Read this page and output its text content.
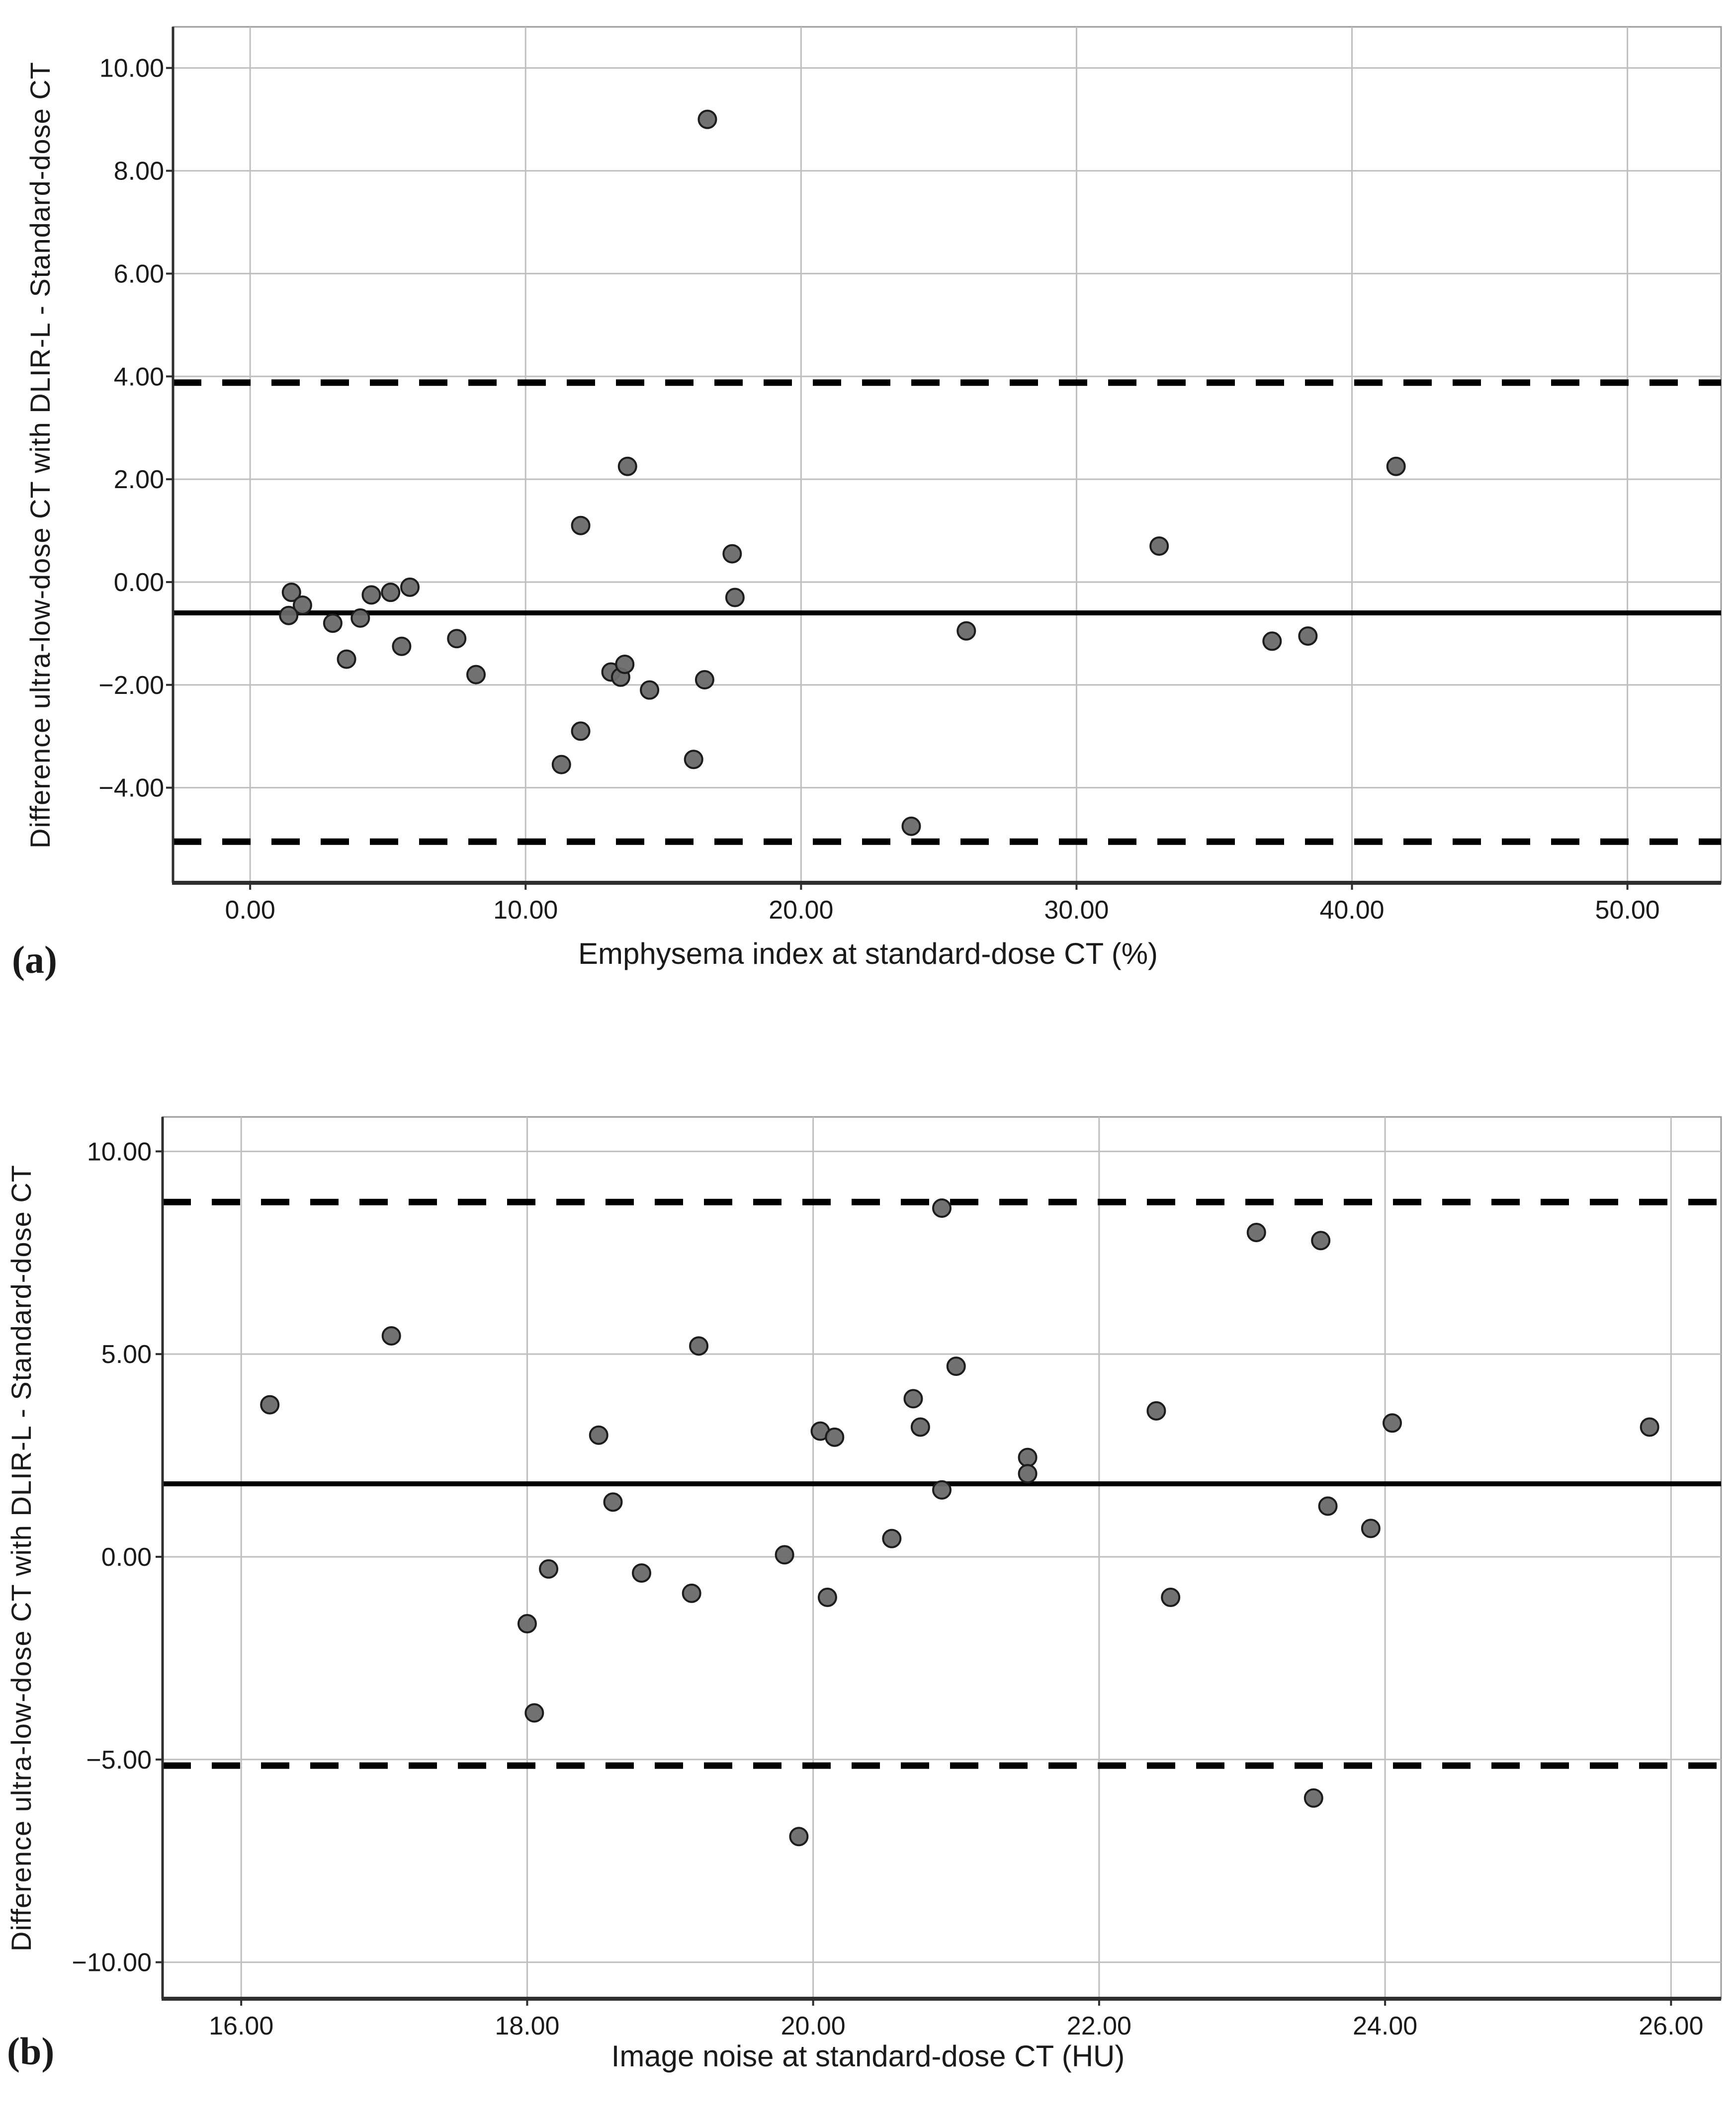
0.00	10.00	20.00	30.00	40.00	50.00
10.00
8.00
6.00
4.00
2.00
0.00
−2.00
−4.00
Difference ultra-low-dose CT with DLIR-L - Standard-dose CT
Emphysema index at standard-dose CT (%)
(a)
16.00	18.00	20.00	22.00	24.00	26.00
10.00
5.00
0.00
−5.00
−10.00
Difference ultra-low-dose CT with DLIR-L - Standard-dose CT
Image noise at standard-dose CT (HU)
(b)
